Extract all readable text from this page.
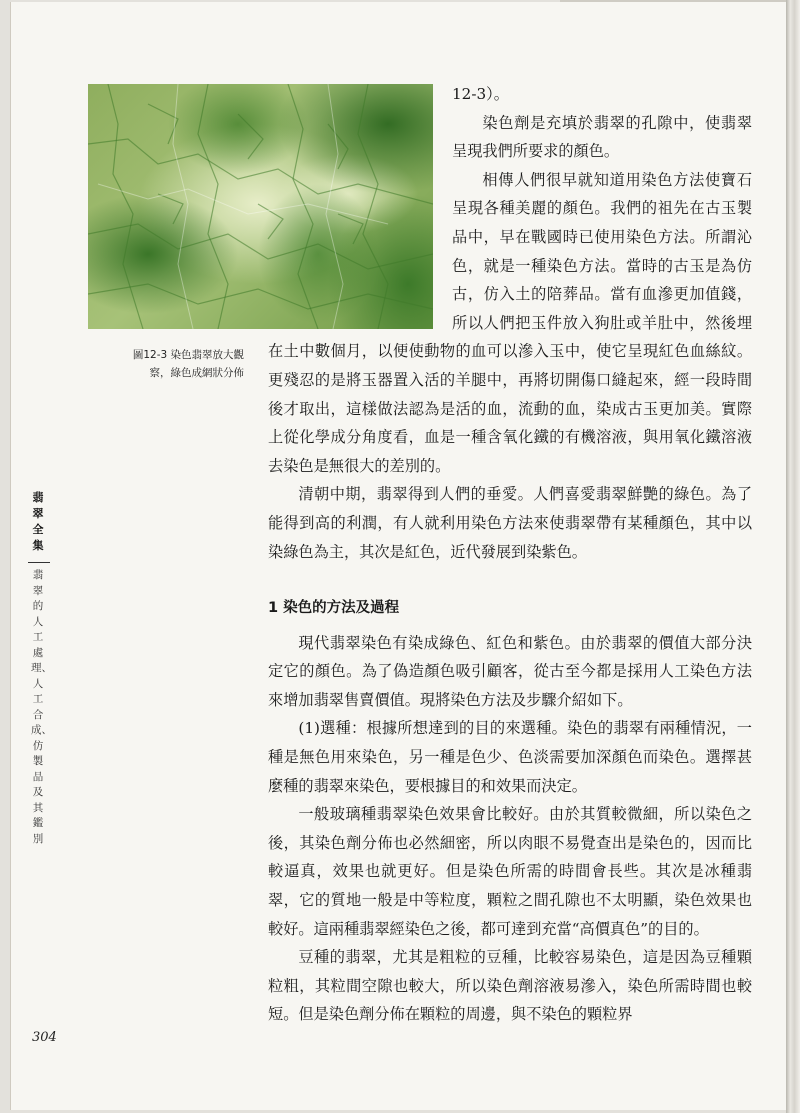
圖12-3 染色翡翠放大觀
察，綠色成網狀分佈
翡翠全集
翡翠的人工處理、人工合成、仿製品及其鑑別

12-3）。

染色劑是充填於翡翠的孔隙中，使翡翠呈現我們所要求的顏色。

相傳人們很早就知道用染色方法使寶石
呈現各種美麗的顏色。我們的祖先在古玉製
品中，早在戰國時已使用染色方法。所謂沁
色，就是一種染色方法。當時的古玉是為仿
古，仿入土的陪葬品。當有血滲更加值錢，
所以人們把玉件放入狗肚或羊肚中，然後埋
在土中數個月，以便使動物的血可以滲入玉中，使它呈現紅色血絲紋。
更殘忍的是將玉器置入活的羊腿中，再將切開傷口縫起來，經一段時間
後才取出，這樣做法認為是活的血，流動的血，染成古玉更加美。實際
上從化學成分角度看，血是一種含氧化鐵的有機溶液，與用氧化鐵溶液
去染色是無很大的差別的。

清朝中期，翡翠得到人們的垂愛。人們喜愛翡翠鮮艷的綠色。為了能得到高的利潤，有人就利用染色方法來使翡翠帶有某種顏色，其中以染綠色為主，其次是紅色，近代發展到染紫色。

1 染色的方法及過程

現代翡翠染色有染成綠色、紅色和紫色。由於翡翠的價值大部分決定它的顏色。為了偽造顏色吸引顧客，從古至今都是採用人工染色方法來增加翡翠售賣價值。現將染色方法及步驟介紹如下。

(1)選種：根據所想達到的目的來選種。染色的翡翠有兩種情況，一種是無色用來染色，另一種是色少、色淡需要加深顏色而染色。選擇甚麼種的翡翠來染色，要根據目的和效果而決定。

一般玻璃種翡翠染色效果會比較好。由於其質較微細，所以染色之後，其染色劑分佈也必然細密，所以肉眼不易覺查出是染色的，因而比較逼真，效果也就更好。但是染色所需的時間會長些。其次是冰種翡翠，它的質地一般是中等粒度，顆粒之間孔隙也不太明顯，染色效果也較好。這兩種翡翠經染色之後，都可達到充當“高價真色”的目的。

豆種的翡翠，尤其是粗粒的豆種，比較容易染色，這是因為豆種顆粒粗，其粒間空隙也較大，所以染色劑溶液易滲入，染色所需時間也較短。但是染色劑分佈在顆粒的周邊，與不染色的顆粒界

304
